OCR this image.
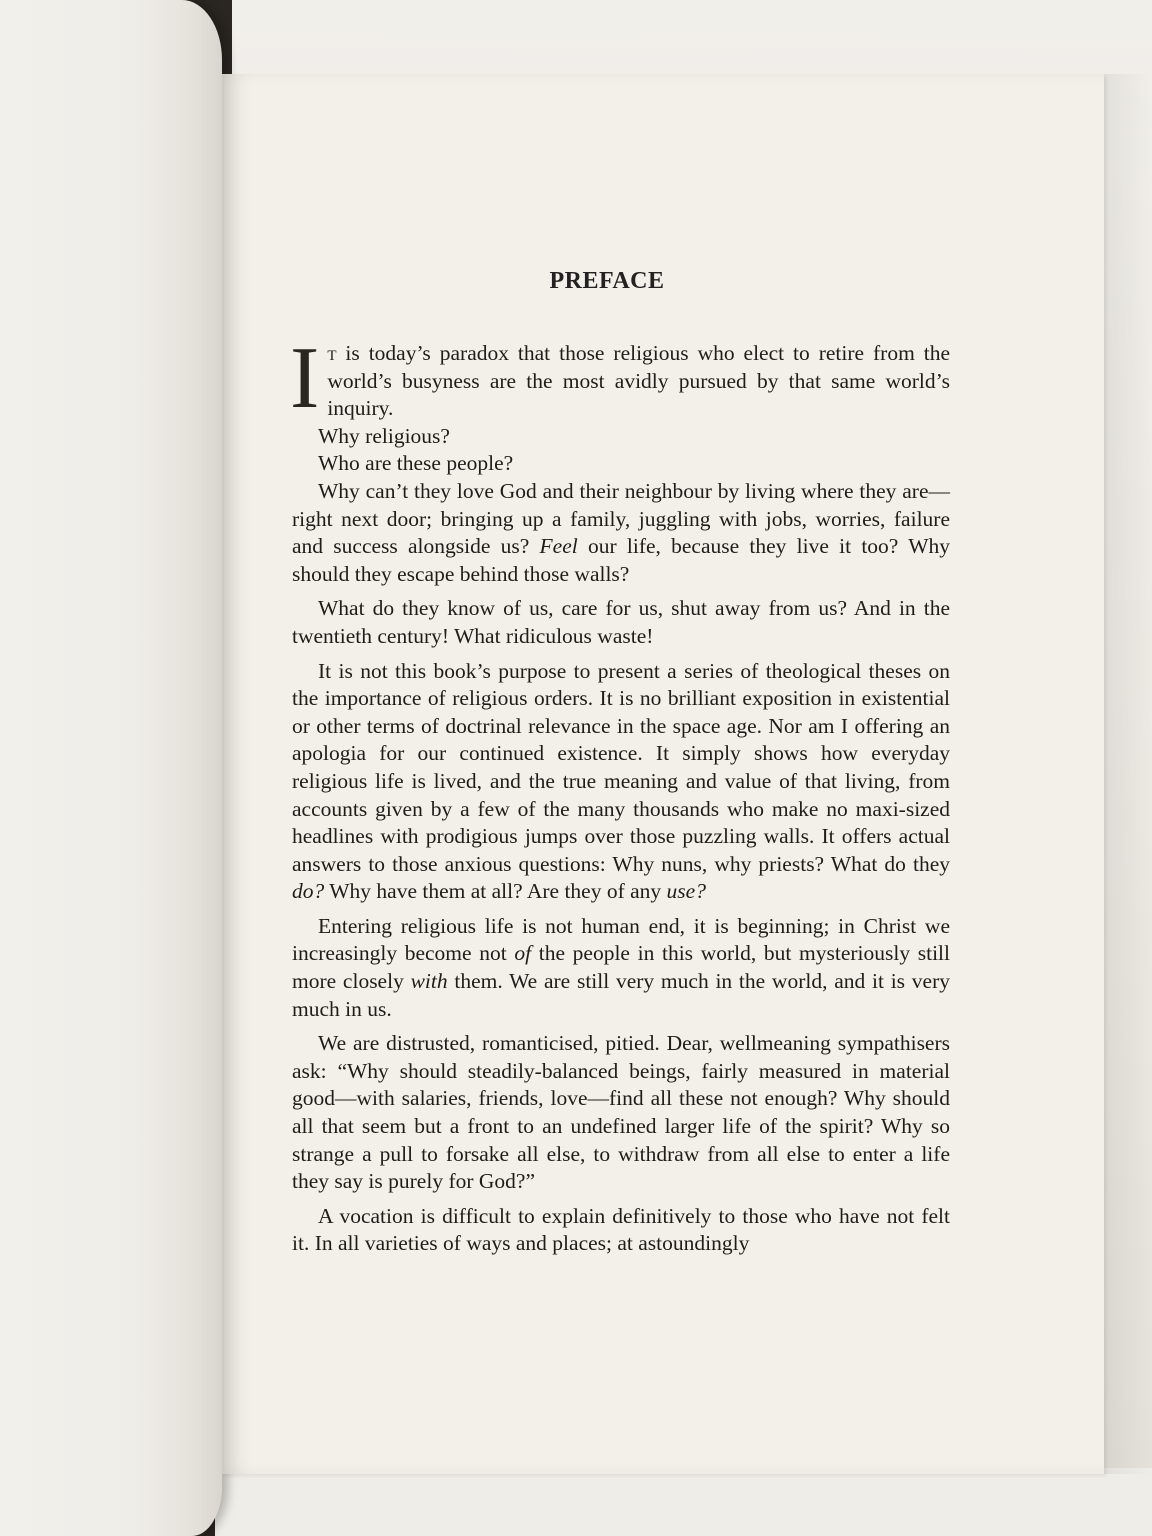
PREFACE

It is today’s paradox that those religious who elect to retire from the world’s busyness are the most avidly pursued by that same world’s inquiry.

Why religious?

Who are these people?

Why can’t they love God and their neighbour by living where they are—right next door; bringing up a family, juggling with jobs, worries, failure and success alongside us? Feel our life, because they live it too? Why should they escape behind those walls?

What do they know of us, care for us, shut away from us? And in the twentieth century! What ridiculous waste!

It is not this book’s purpose to present a series of theological theses on the importance of religious orders. It is no brilliant exposition in existential or other terms of doctrinal relevance in the space age. Nor am I offering an apologia for our continued existence. It simply shows how everyday religious life is lived, and the true meaning and value of that living, from accounts given by a few of the many thousands who make no maxi-sized headlines with prodigious jumps over those puzzling walls. It offers actual answers to those anxious questions: Why nuns, why priests? What do they do? Why have them at all? Are they of any use?

Entering religious life is not human end, it is beginning; in Christ we increasingly become not of the people in this world, but mysteriously still more closely with them. We are still very much in the world, and it is very much in us.

We are distrusted, romanticised, pitied. Dear, wellmeaning sympathisers ask: “Why should steadily-balanced beings, fairly measured in material good—with salaries, friends, love—find all these not enough? Why should all that seem but a front to an undefined larger life of the spirit? Why so strange a pull to forsake all else, to withdraw from all else to enter a life they say is purely for God?”

A vocation is difficult to explain definitively to those who have not felt it. In all varieties of ways and places; at astoundingly
